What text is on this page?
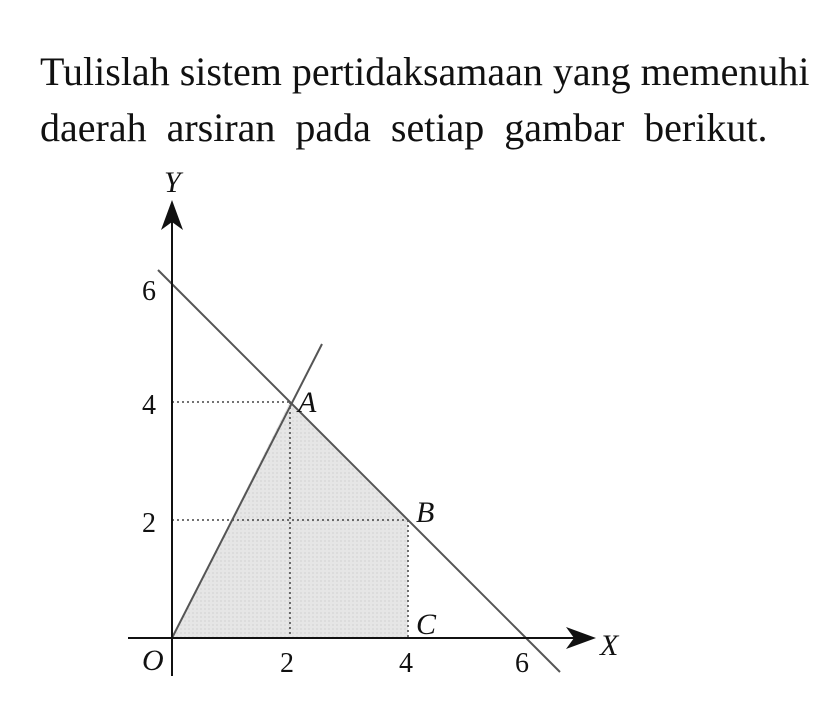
Tulislah sistem pertidaksamaan yang memenuhi
daerah arsiran pada setiap gambar berikut.
Y
X
O	2	4	6
2
4
6
A
B
C
